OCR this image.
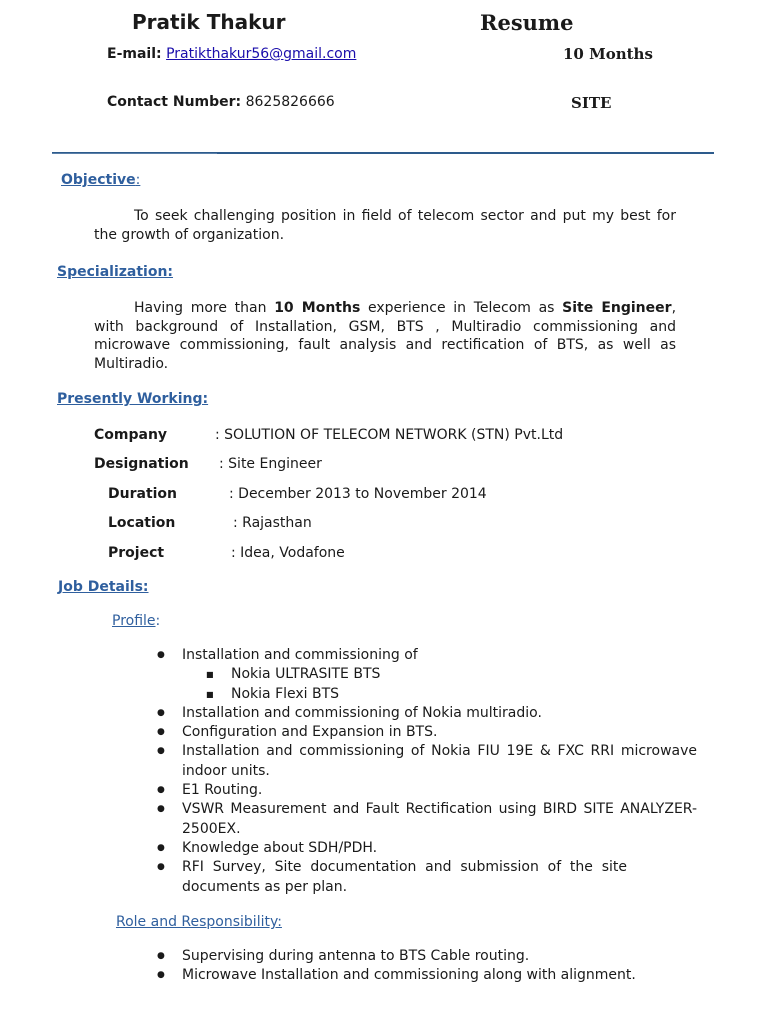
Pratik Thakur	Resume
E-mail: Pratikthakur56@gmail.com	10 Months
Contact Number: 8625826666	SITE
Objective:
To seek challenging position in field of telecom sector and put my best for the growth of organization.
Specialization:
Having more than 10 Months experience in Telecom as Site Engineer, with background of Installation, GSM, BTS , Multiradio commissioning and microwave commissioning, fault analysis and rectification of BTS, as well as Multiradio.
Presently Working:
Company	: SOLUTION OF TELECOM NETWORK (STN) Pvt.Ltd
Designation : Site Engineer
Duration	: December 2013 to November 2014
Location	: Rajasthan
Project	: Idea, Vodafone
Job Details:
Profile:
● Installation and commissioning of
■ Nokia ULTRASITE BTS
■ Nokia Flexi BTS
● Installation and commissioning of Nokia multiradio.
● Configuration and Expansion in BTS.
● Installation and commissioning of Nokia FIU 19E & FXC RRI microwave indoor units.
● E1 Routing.
● VSWR Measurement and Fault Rectification using BIRD SITE ANALYZER-2500EX.
● Knowledge about SDH/PDH.
● RFI Survey, Site documentation and submission of the site documents as per plan.
Role and Responsibility:
● Supervising during antenna to BTS Cable routing.
● Microwave Installation and commissioning along with alignment.
